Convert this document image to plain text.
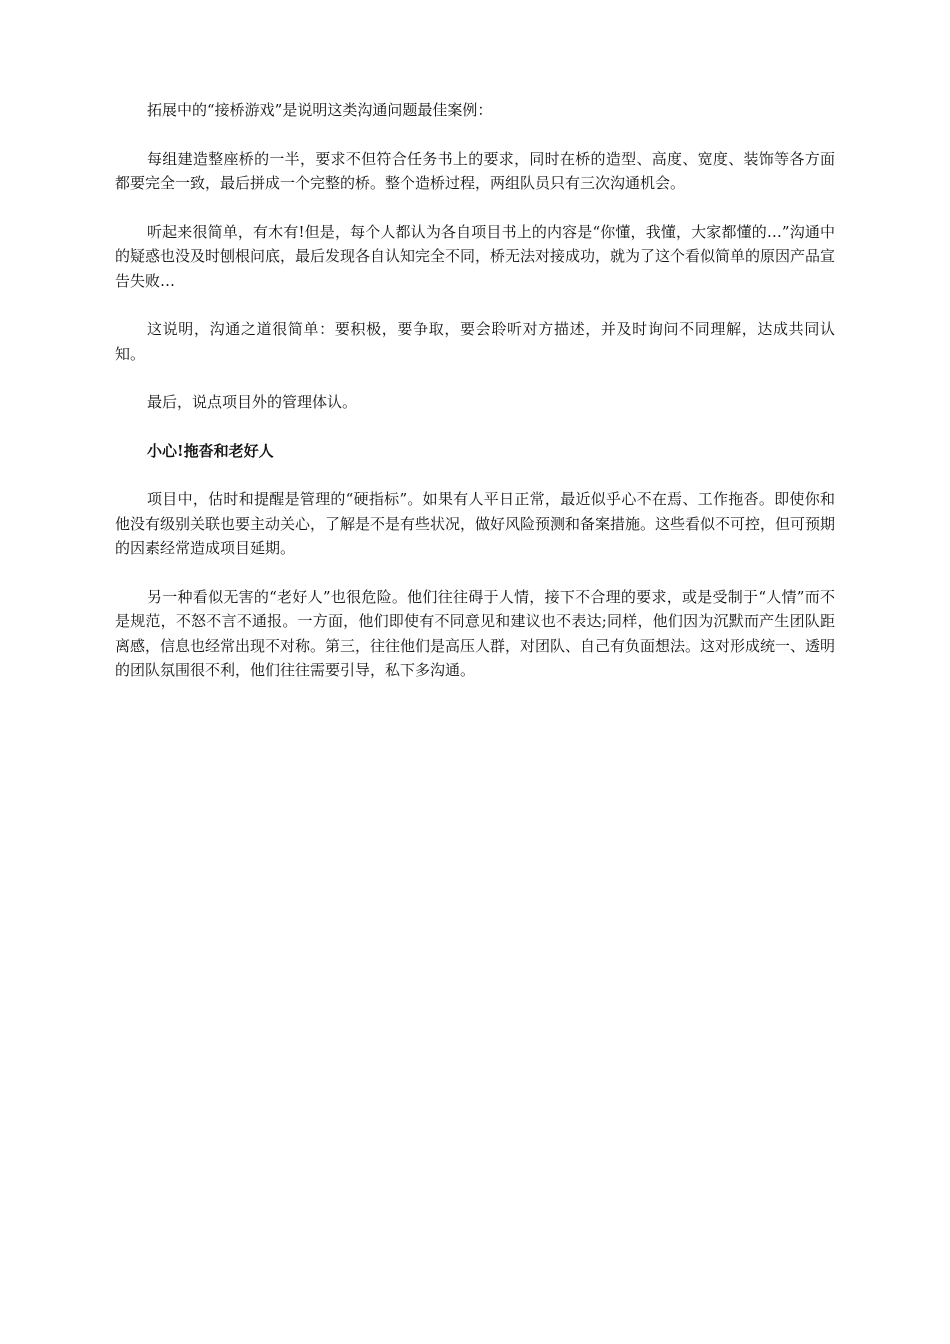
拓展中的“接桥游戏”是说明这类沟通问题最佳案例：

每组建造整座桥的一半，要求不但符合任务书上的要求，同时在桥的造型、高度、宽度、装饰等各方面都要完全一致，最后拼成一个完整的桥。整个造桥过程，两组队员只有三次沟通机会。

听起来很简单，有木有!但是，每个人都认为各自项目书上的内容是“你懂，我懂，大家都懂的…”沟通中的疑惑也没及时刨根问底，最后发现各自认知完全不同，桥无法对接成功，就为了这个看似简单的原因产品宣告失败…

这说明，沟通之道很简单：要积极，要争取，要会聆听对方描述，并及时询问不同理解，达成共同认知。

最后，说点项目外的管理体认。

小心!拖沓和老好人

项目中，估时和提醒是管理的“硬指标”。如果有人平日正常，最近似乎心不在焉、工作拖沓。即使你和他没有级别关联也要主动关心，了解是不是有些状况，做好风险预测和备案措施。这些看似不可控，但可预期的因素经常造成项目延期。

另一种看似无害的“老好人”也很危险。他们往往碍于人情，接下不合理的要求，或是受制于“人情”而不是规范，不怒不言不通报。一方面，他们即使有不同意见和建议也不表达;同样，他们因为沉默而产生团队距离感，信息也经常出现不对称。第三，往往他们是高压人群，对团队、自己有负面想法。这对形成统一、透明的团队氛围很不利，他们往往需要引导，私下多沟通。
